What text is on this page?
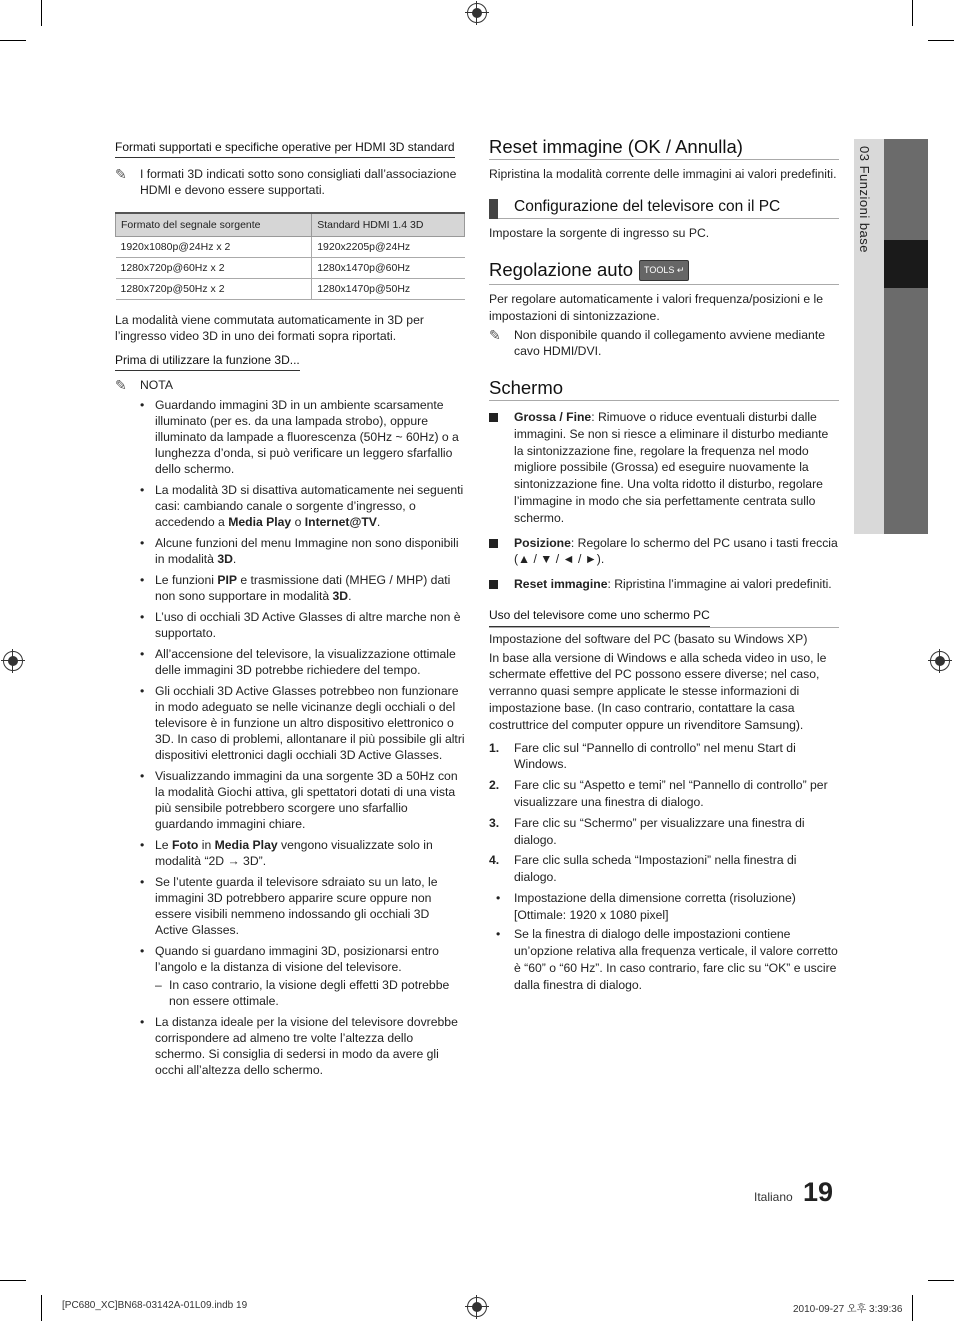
03 Funzioni base
Formati supportati e specifiche operative per HDMI 3D standard
✎ I formati 3D indicati sotto sono consigliati dall’associazione HDMI e devono essere supportati.
Formato del segnale sorgente	Standard HDMI 1.4 3D
1920x1080p@24Hz x 2	1920x2205p@24Hz
1280x720p@60Hz x 2	1280x1470p@60Hz
1280x720p@50Hz x 2	1280x1470p@50Hz

La modalità viene commutata automaticamente in 3D per l’ingresso video 3D in uno dei formati sopra riportati.

Prima di utilizzare la funzione 3D...
✎ NOTA
• Guardando immagini 3D in un ambiente scarsamente illuminato (per es. da una lampada strobo), oppure illuminato da lampade a fluorescenza (50Hz ~ 60Hz) o a lunghezza d’onda, si può verificare un leggero sfarfallio dello schermo.
• La modalità 3D si disattiva automaticamente nei seguenti casi: cambiando canale o sorgente d’ingresso, o accedendo a Media Play o Internet@TV.
• Alcune funzioni del menu Immagine non sono disponibili in modalità 3D.
• Le funzioni PIP e trasmissione dati (MHEG / MHP) dati non sono supportare in modalità 3D.
• L’uso di occhiali 3D Active Glasses di altre marche non è supportato.
• All’accensione del televisore, la visualizzazione ottimale delle immagini 3D potrebbe richiedere del tempo.
• Gli occhiali 3D Active Glasses potrebbeo non funzionare in modo adeguato se nelle vicinanze degli occhiali o del televisore è in funzione un altro dispositivo elettronico o 3D. In caso di problemi, allontanare il più possibile gli altri dispositivi elettronici dagli occhiali 3D Active Glasses.
• Visualizzando immagini da una sorgente 3D a 50Hz con la modalità Giochi attiva, gli spettatori dotati di una vista più sensibile potrebbero scorgere uno sfarfallio guardando immagini chiare.
• Le Foto in Media Play vengono visualizzate solo in modalità “2D → 3D”.
• Se l’utente guarda il televisore sdraiato su un lato, le immagini 3D potrebbero apparire scure oppure non essere visibili nemmeno indossando gli occhiali 3D Active Glasses.
• Quando si guardano immagini 3D, posizionarsi entro l’angolo e la distanza di visione del televisore.
– In caso contrario, la visione degli effetti 3D potrebbe non essere ottimale.
• La distanza ideale per la visione del televisore dovrebbe corrispondere ad almeno tre volte l’altezza dello schermo. Si consiglia di sedersi in modo da avere gli occhi all’altezza dello schermo.
Reset immagine (OK / Annulla)

Ripristina la modalità corrente delle immagini ai valori predefiniti.

Configurazione del televisore con il PC

Impostare la sorgente di ingresso su PC.

Regolazione auto TOOLS ↵

Per regolare automaticamente i valori frequenza/posizioni e le impostazioni di sintonizzazione.

✎ Non disponibile quando il collegamento avviene mediante cavo HDMI/DVI.
Schermo
Grossa / Fine: Rimuove o riduce eventuali disturbi dalle immagini. Se non si riesce a eliminare il disturbo mediante la sintonizzazione fine, regolare la frequenza nel modo migliore possibile (Grossa) ed eseguire nuovamente la sintonizzazione fine. Una volta ridotto il disturbo, regolare l’immagine in modo che sia perfettamente centrata sullo schermo.
Posizione: Regolare lo schermo del PC usano i tasti freccia (▲ / ▼ / ◄ / ►).
Reset immagine: Ripristina l’immagine ai valori predefiniti.
Uso del televisore come uno schermo PC

Impostazione del software del PC (basato su Windows XP)

In base alla versione di Windows e alla scheda video in uso, le schermate effettive del PC possono essere diverse; nel caso, verranno quasi sempre applicate le stesse informazioni di impostazione base. (In caso contrario, contattare la casa costruttrice del computer oppure un rivenditore Samsung).

1. Fare clic sul “Pannello di controllo” nel menu Start di Windows.
2. Fare clic su “Aspetto e temi” nel “Pannello di controllo” per visualizzare una finestra di dialogo.
3. Fare clic su “Schermo” per visualizzare una finestra di dialogo.
4. Fare clic sulla scheda “Impostazioni” nella finestra di dialogo.
• Impostazione della dimensione corretta (risoluzione) [Ottimale: 1920 x 1080 pixel]
• Se la finestra di dialogo delle impostazioni contiene un’opzione relativa alla frequenza verticale, il valore corretto è “60” o “60 Hz”. In caso contrario, fare clic su “OK” e uscire dalla finestra di dialogo.
Italiano 19
[PC680_XC]BN68-03142A-01L09.indb 19	2010-09-27 오후 3:39:36
